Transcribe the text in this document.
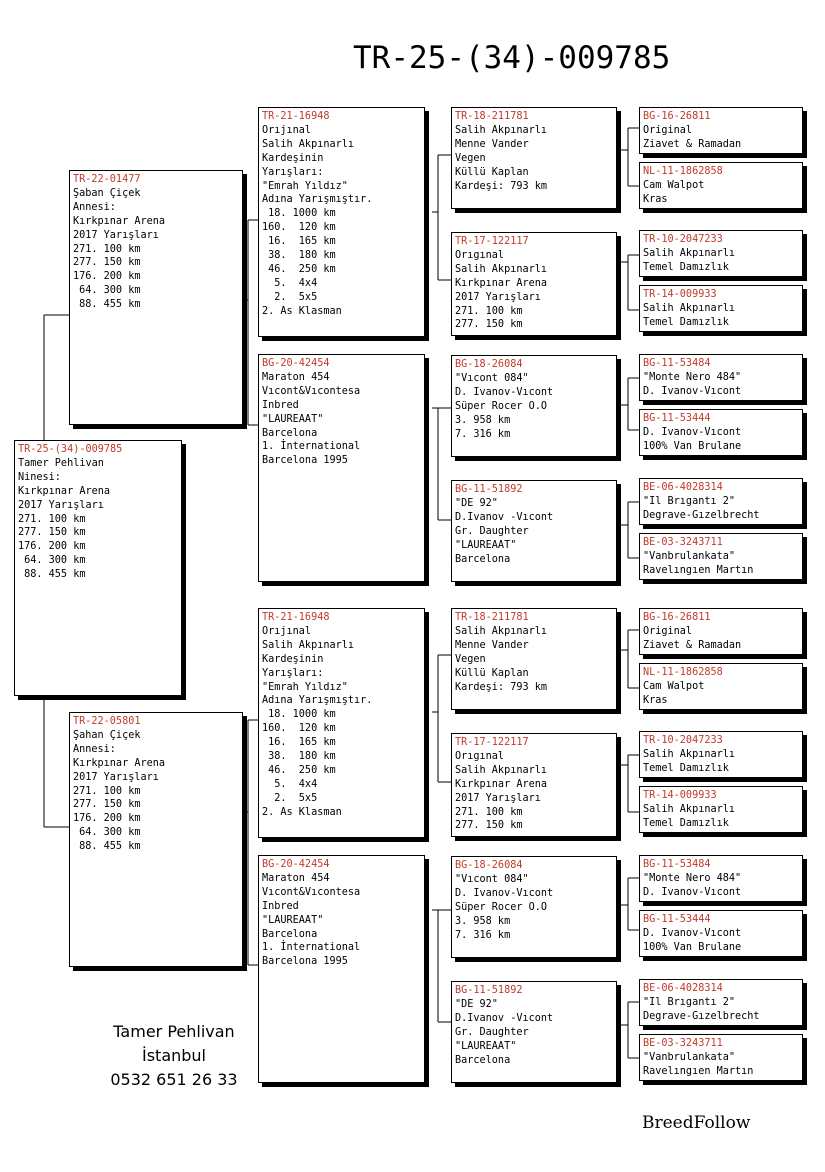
TR-25-(34)-009785
TR-25-(34)-009785
Tamer Pehlivan
Ninesi:
Kırkpınar Arena
2017 Yarışları
271. 100 km
277. 150 km
176. 200 km
64. 300 km
88. 455 km
TR-22-01477
Şaban Çiçek
Annesi:
Kırkpınar Arena
2017 Yarışları
271. 100 km
277. 150 km
176. 200 km
64. 300 km
88. 455 km
TR-22-05801
Şahan Çiçek
Annesi:
Kırkpınar Arena
2017 Yarışları
271. 100 km
277. 150 km
176. 200 km
64. 300 km
88. 455 km
TR-21-16948
Orıjınal
Salih Akpınarlı
Kardeşinin
Yarışları:
"Emrah Yıldız"
Adına Yarışmıştır.
18. 1000 km
160.  120 km
16.  165 km
38.  180 km
46.  250 km
5.  4x4
2.  5x5
2. As Klasman
BG-20-42454
Maraton 454
Vıcont&Vıcontesa
Inbred
"LAUREAAT"
Barcelona
1. İnternational
Barcelona 1995
TR-21-16948
Orıjınal
Salih Akpınarlı
Kardeşinin
Yarışları:
"Emrah Yıldız"
Adına Yarışmıştır.
18. 1000 km
160.  120 km
16.  165 km
38.  180 km
46.  250 km
5.  4x4
2.  5x5
2. As Klasman
BG-20-42454
Maraton 454
Vıcont&Vıcontesa
Inbred
"LAUREAAT"
Barcelona
1. İnternational
Barcelona 1995
TR-18-211781
Salih Akpınarlı
Menne Vander
Vegen
Küllü Kaplan
Kardeşi: 793 km
TR-17-122117
Orıgınal
Salih Akpınarlı
Kırkpınar Arena
2017 Yarışları
271. 100 km
277. 150 km
BG-18-26084
"Vıcont 084"
D. Ivanov-Vıcont
Süper Rocer O.O
3. 958 km
7. 316 km
BG-11-51892
"DE 92"
D.Ivanov -Vıcont
Gr. Daughter
"LAUREAAT"
Barcelona
TR-18-211781
Salih Akpınarlı
Menne Vander
Vegen
Küllü Kaplan
Kardeşi: 793 km
TR-17-122117
Orıgınal
Salih Akpınarlı
Kırkpınar Arena
2017 Yarışları
271. 100 km
277. 150 km
BG-18-26084
"Vıcont 084"
D. Ivanov-Vıcont
Süper Rocer O.O
3. 958 km
7. 316 km
BG-11-51892
"DE 92"
D.Ivanov -Vıcont
Gr. Daughter
"LAUREAAT"
Barcelona
BG-16-26811
Original
Ziavet & Ramadan
NL-11-1862858
Cam Walpot
Kras
TR-10-2047233
Salih Akpınarlı
Temel Damızlık
TR-14-009933
Salih Akpınarlı
Temel Damızlık
BG-11-53484
"Monte Nero 484"
D. Ivanov-Vıcont
BG-11-53444
D. Ivanov-Vıcont
100% Van Brulane
BE-06-4028314
"Il Brıgantı 2"
Degrave-Gızelbrecht
BE-03-3243711
"Vanbrulankata"
Ravelıngıen Martın
BG-16-26811
Original
Ziavet & Ramadan
NL-11-1862858
Cam Walpot
Kras
TR-10-2047233
Salih Akpınarlı
Temel Damızlık
TR-14-009933
Salih Akpınarlı
Temel Damızlık
BG-11-53484
"Monte Nero 484"
D. Ivanov-Vıcont
BG-11-53444
D. Ivanov-Vıcont
100% Van Brulane
BE-06-4028314
"Il Brıgantı 2"
Degrave-Gızelbrecht
BE-03-3243711
"Vanbrulankata"
Ravelıngıen Martın
Tamer Pehlivan
İstanbul
0532 651 26 33
BreedFollow
